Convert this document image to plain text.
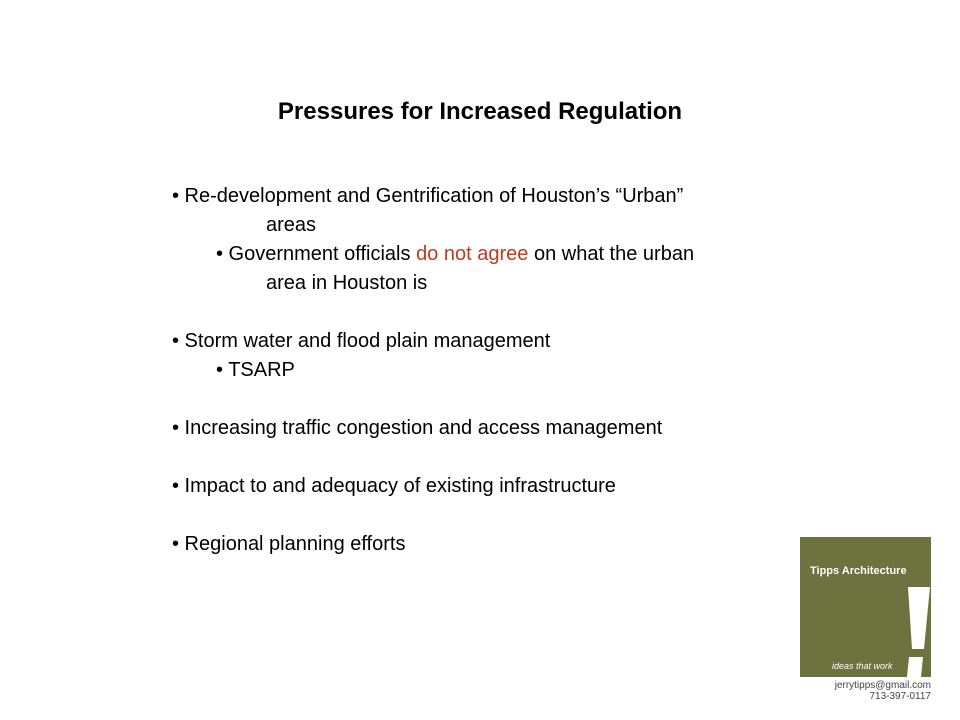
Pressures for Increased Regulation
• Re-development and Gentrification of Houston’s “Urban”
areas
• Government officials do not agree on what the urban
area in Houston is
• Storm water and flood plain management
• TSARP
• Increasing traffic congestion and access management
• Impact to and adequacy of existing infrastructure
• Regional planning efforts
Tipps Architecture
ideas that work
jerrytipps@gmail.com
713-397-0117
